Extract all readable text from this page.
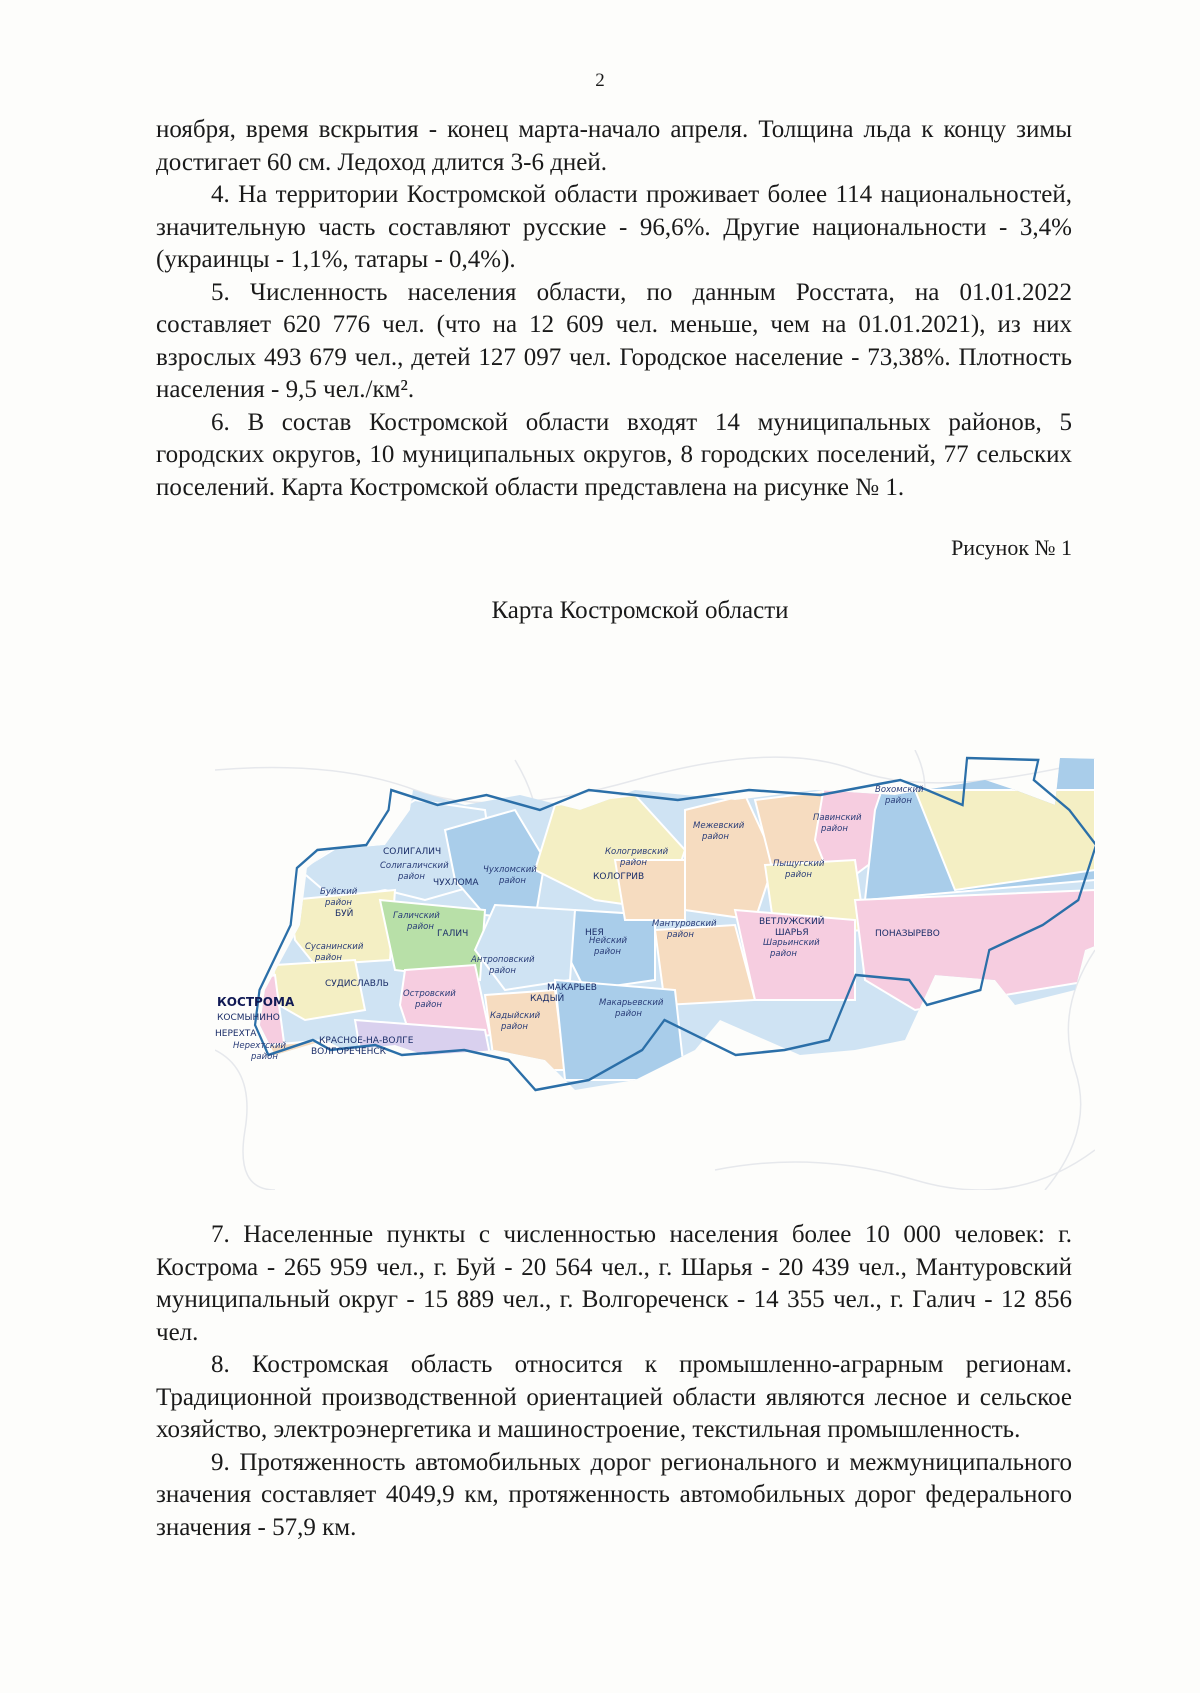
2

ноября, время вскрытия - конец марта-начало апреля. Толщина льда к концу зимы достигает 60 см. Ледоход длится 3-6 дней.

4. На территории Костромской области проживает более 114 национальностей, значительную часть составляют русские - 96,6%. Другие национальности - 3,4% (украинцы - 1,1%, татары - 0,4%).

5. Численность населения области, по данным Росстата, на 01.01.2022 составляет 620 776 чел. (что на 12 609 чел. меньше, чем на 01.01.2021), из них взрослых 493 679 чел., детей 127 097 чел. Городское население - 73,38%. Плотность населения - 9,5 чел./км².

6. В состав Костромской области входят 14 муниципальных районов, 5 городских округов, 10 муниципальных округов, 8 городских поселений, 77 сельских поселений. Карта Костромской области представлена на рисунке № 1.

Рисунок № 1
Карта Костромской области
Солигаличский
район
Чухломский
район
Кологривский
район
Межевский
район
Павинский
район
Вохомский
район
Буйский
район
Галичский
район
Сусанинский
район
Пыщугский
район
Мантуровский
район
Нейский
район
Антроповский
район
Шарьинский
район
Островский
район
Кадыйский
район
Макарьевский
район
Нерехтский
район
СОЛИГАЛИЧ
ЧУХЛОМА
КОЛОГРИВ
БУЙ
ГАЛИЧ	НЕЯ
ВЕТЛУЖСКИЙ
ШАРЬЯ	ПОНАЗЫРЕВО
СУДИСЛАВЛЬ	МАКАРЬЕВ
КАДЫЙ
КОСТРОМА
КОСМЫНИНО
НЕРЕХТА
КРАСНОЕ-НА-ВОЛГЕ
ВОЛГОРЕЧЕНСК

7. Населенные пункты с численностью населения более 10 000 человек: г. Кострома - 265 959 чел., г. Буй - 20 564 чел., г. Шарья - 20 439 чел., Мантуровский муниципальный округ - 15 889 чел., г. Волгореченск - 14 355 чел., г. Галич - 12 856 чел.

8. Костромская область относится к промышленно-аграрным регионам. Традиционной производственной ориентацией области являются лесное и сельское хозяйство, электроэнергетика и машиностроение, текстильная промышленность.

9. Протяженность автомобильных дорог регионального и межмуниципального значения составляет 4049,9 км, протяженность автомобильных дорог федерального значения - 57,9 км.
